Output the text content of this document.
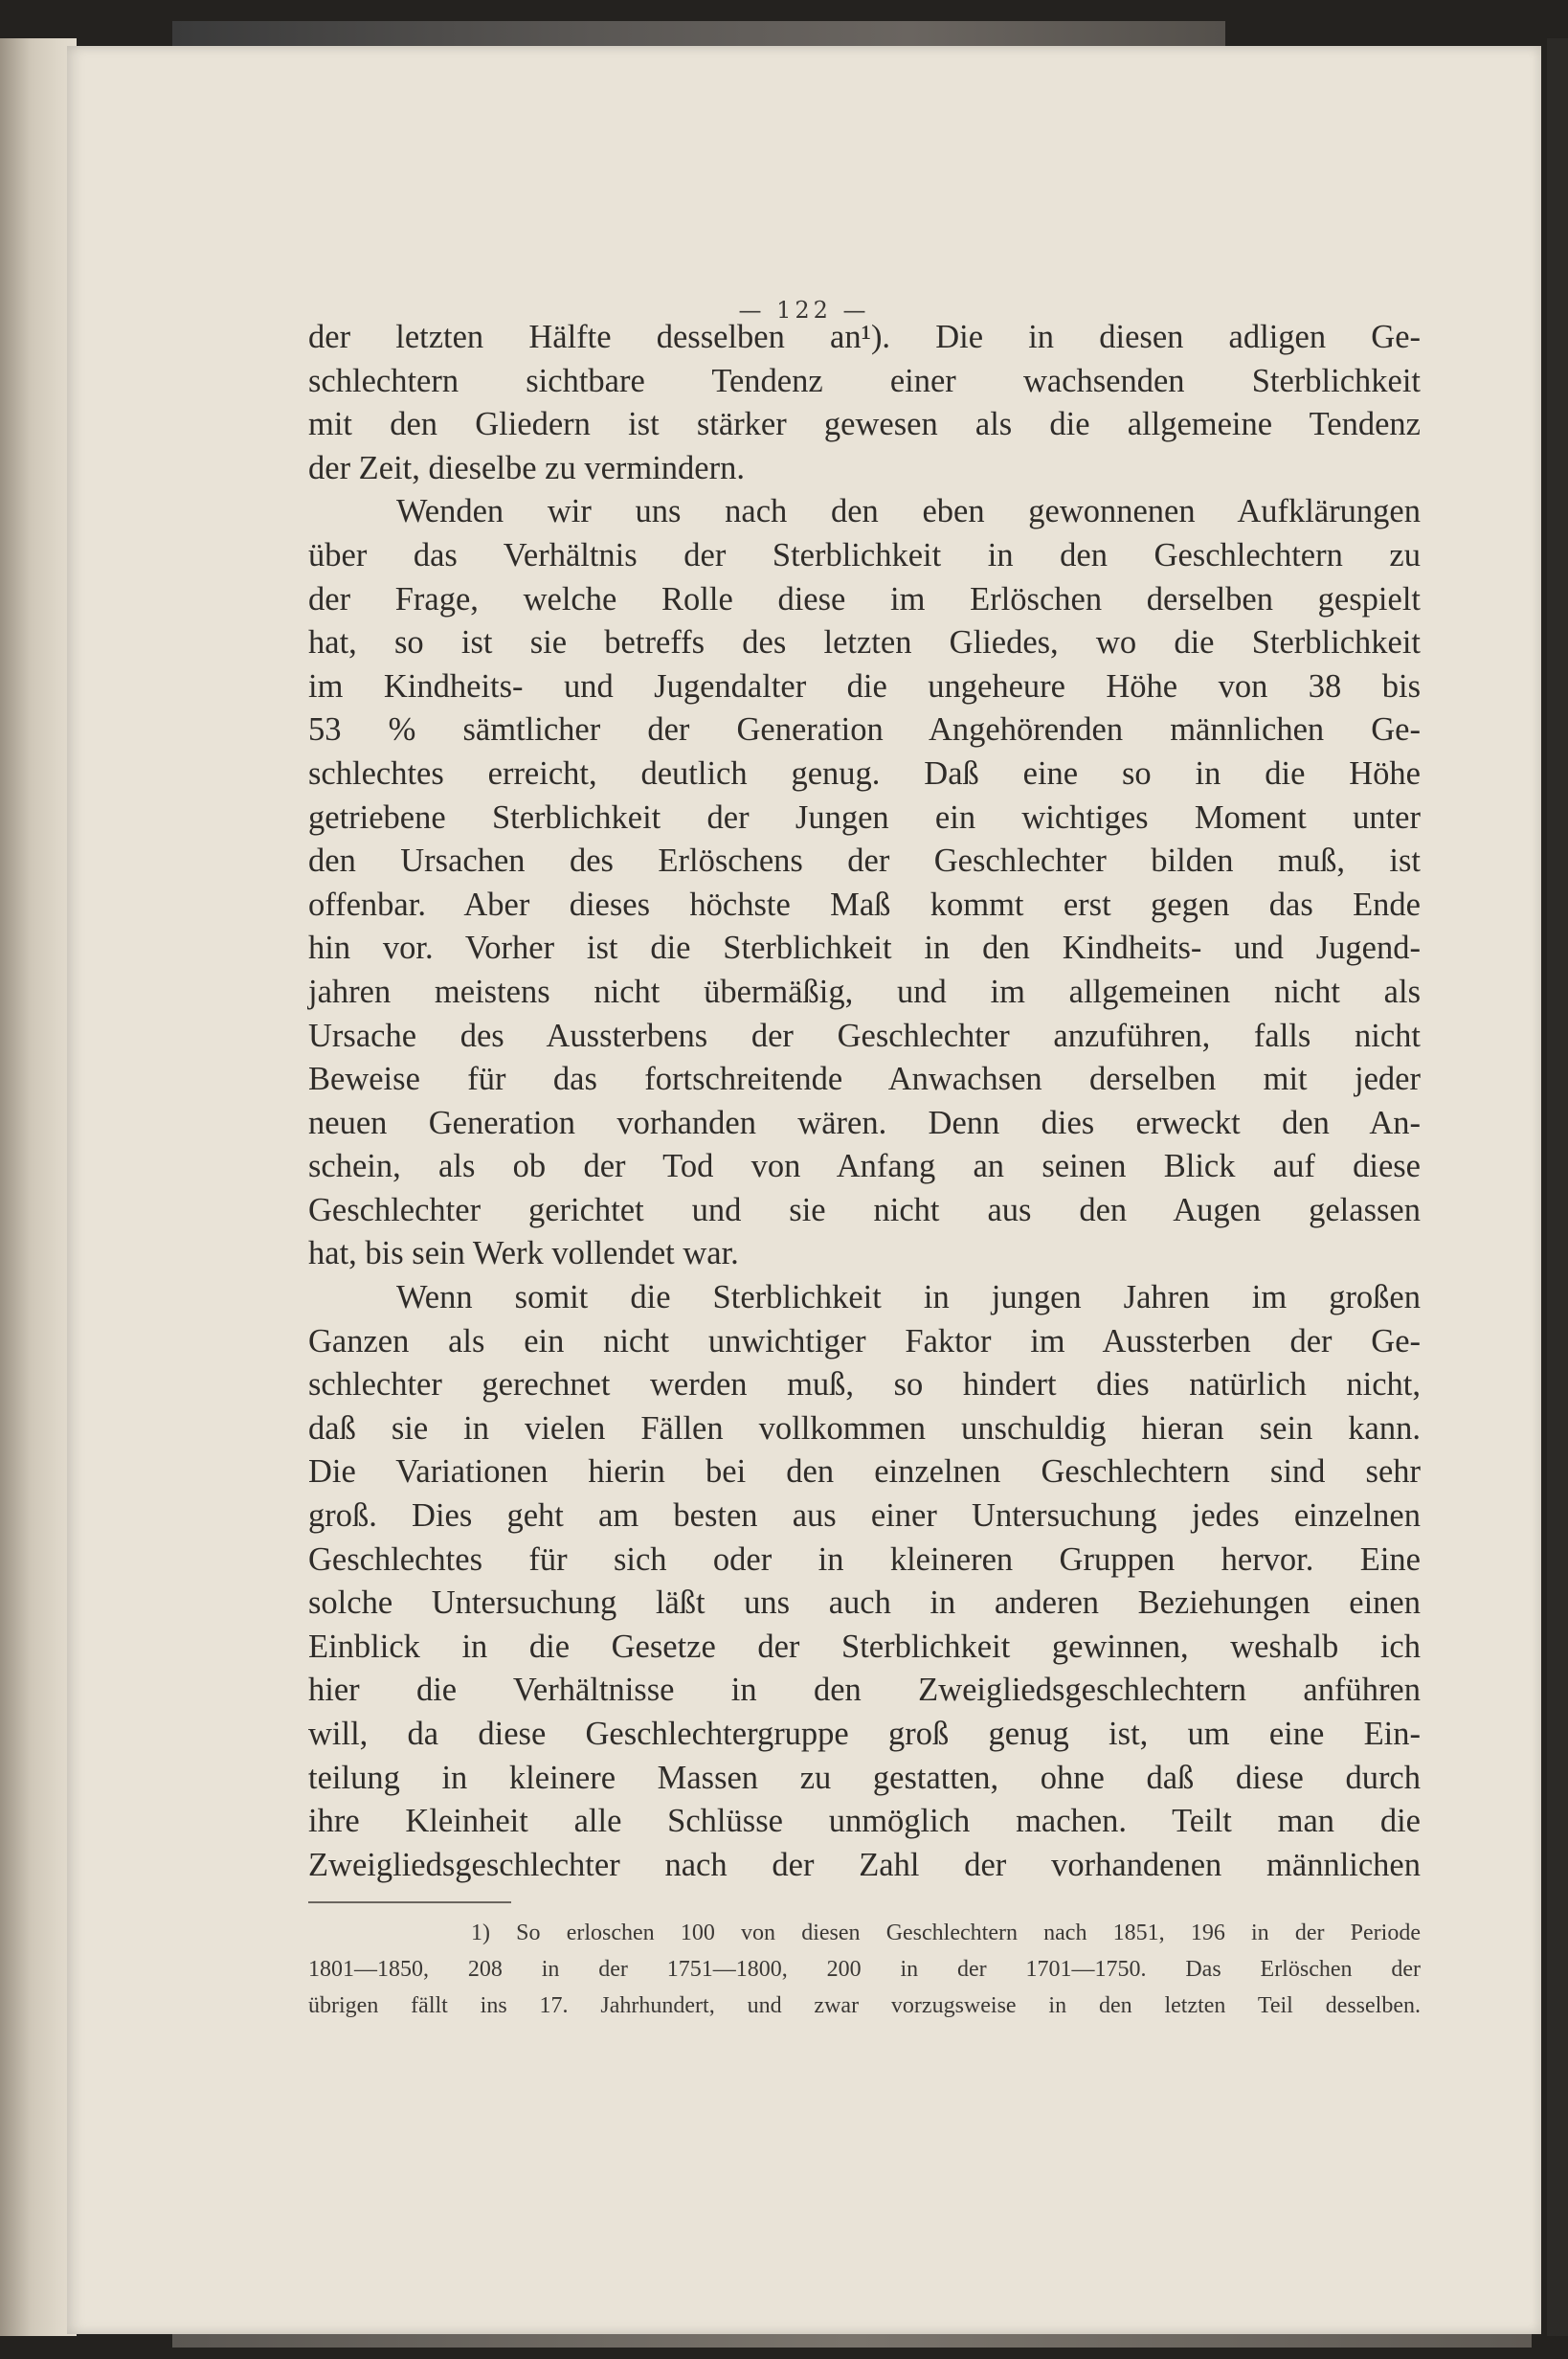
— 122 —
der letzten Hälfte desselben an¹). Die in diesen adligen Ge-
schlechtern sichtbare Tendenz einer wachsenden Sterblichkeit
mit den Gliedern ist stärker gewesen als die allgemeine Tendenz
der Zeit, dieselbe zu vermindern.
Wenden wir uns nach den eben gewonnenen Aufklärungen
über das Verhältnis der Sterblichkeit in den Geschlechtern zu
der Frage, welche Rolle diese im Erlöschen derselben gespielt
hat, so ist sie betreffs des letzten Gliedes, wo die Sterblichkeit
im Kindheits- und Jugendalter die ungeheure Höhe von 38 bis
53 % sämtlicher der Generation Angehörenden männlichen Ge-
schlechtes erreicht, deutlich genug. Daß eine so in die Höhe
getriebene Sterblichkeit der Jungen ein wichtiges Moment unter
den Ursachen des Erlöschens der Geschlechter bilden muß, ist
offenbar. Aber dieses höchste Maß kommt erst gegen das Ende
hin vor. Vorher ist die Sterblichkeit in den Kindheits- und Jugend-
jahren meistens nicht übermäßig, und im allgemeinen nicht als
Ursache des Aussterbens der Geschlechter anzuführen, falls nicht
Beweise für das fortschreitende Anwachsen derselben mit jeder
neuen Generation vorhanden wären. Denn dies erweckt den An-
schein, als ob der Tod von Anfang an seinen Blick auf diese
Geschlechter gerichtet und sie nicht aus den Augen gelassen
hat, bis sein Werk vollendet war.
Wenn somit die Sterblichkeit in jungen Jahren im großen
Ganzen als ein nicht unwichtiger Faktor im Aussterben der Ge-
schlechter gerechnet werden muß, so hindert dies natürlich nicht,
daß sie in vielen Fällen vollkommen unschuldig hieran sein kann.
Die Variationen hierin bei den einzelnen Geschlechtern sind sehr
groß. Dies geht am besten aus einer Untersuchung jedes einzelnen
Geschlechtes für sich oder in kleineren Gruppen hervor. Eine
solche Untersuchung läßt uns auch in anderen Beziehungen einen
Einblick in die Gesetze der Sterblichkeit gewinnen, weshalb ich
hier die Verhältnisse in den Zweigliedsgeschlechtern anführen
will, da diese Geschlechtergruppe groß genug ist, um eine Ein-
teilung in kleinere Massen zu gestatten, ohne daß diese durch
ihre Kleinheit alle Schlüsse unmöglich machen. Teilt man die
Zweigliedsgeschlechter nach der Zahl der vorhandenen männlichen
1) So erloschen 100 von diesen Geschlechtern nach 1851, 196 in der Periode
1801—1850, 208 in der 1751—1800, 200 in der 1701—1750. Das Erlöschen der
übrigen fällt ins 17. Jahrhundert, und zwar vorzugsweise in den letzten Teil desselben.
